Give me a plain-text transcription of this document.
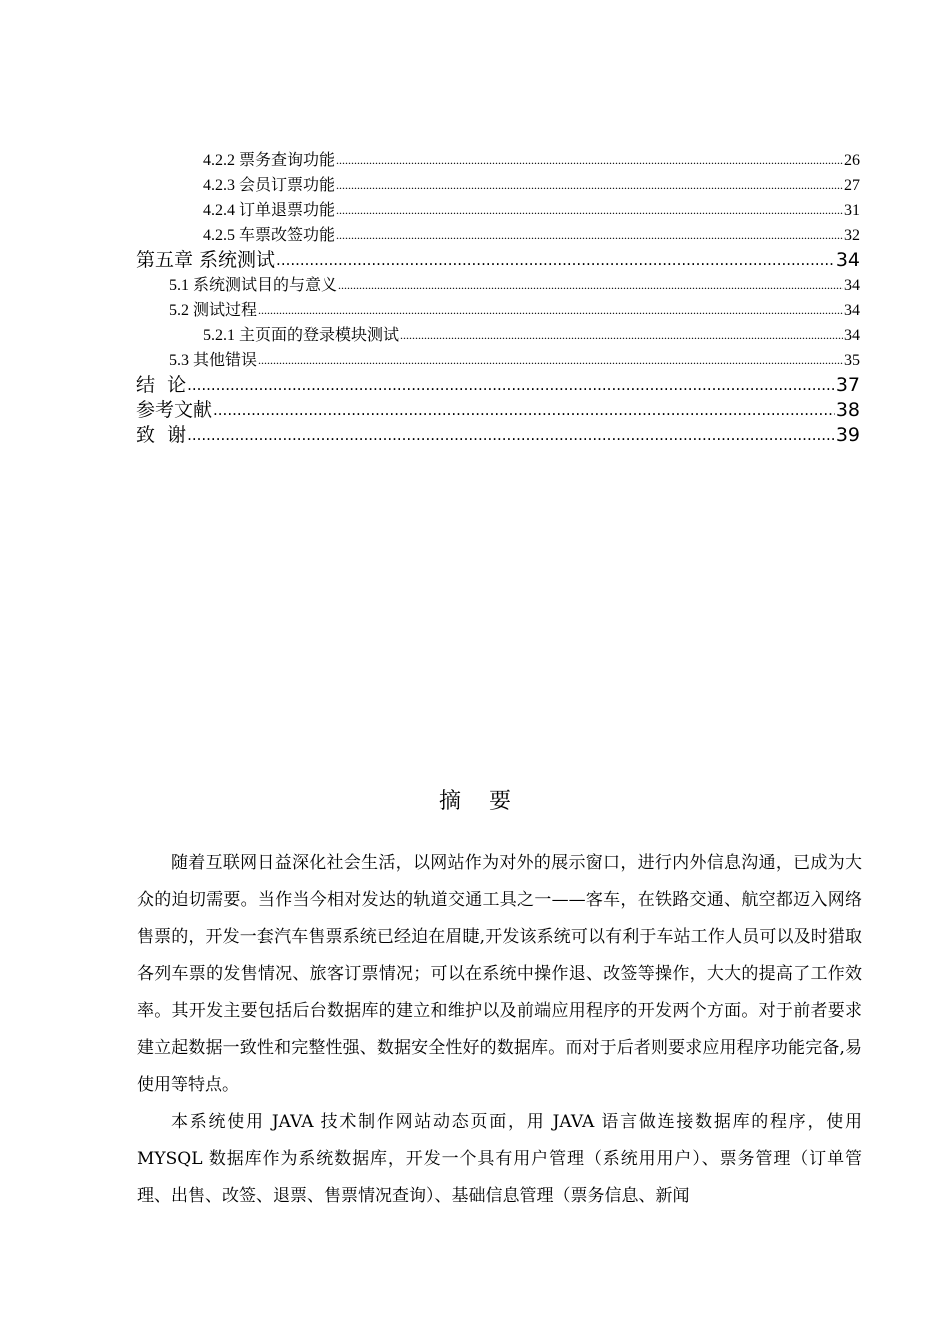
4.2.2 票务查询功能 .....	26
4.2.3 会员订票功能 .....	27
4.2.4 订单退票功能 .....	31
4.2.5 车票改签功能 .....	32
第五章 系统测试 .....	34
5.1 系统测试目的与意义 .....	34
5.2 测试过程 .....	34
5.2.1 主页面的登录模块测试 .....	34
5.3 其他错误 .....	35
结  论 .....	37
参考文献 .....	38
致  谢 .....	39
摘要

随着互联网日益深化社会生活，以网站作为对外的展示窗口，进行内外信息沟通，已成为大众的迫切需要。当作当今相对发达的轨道交通工具之一——客车，在铁路交通、航空都迈入网络售票的，开发一套汽车售票系统已经迫在眉睫,开发该系统可以有利于车站工作人员可以及时猎取各列车票的发售情况、旅客订票情况；可以在系统中操作退、改签等操作，大大的提高了工作效率。其开发主要包括后台数据库的建立和维护以及前端应用程序的开发两个方面。对于前者要求建立起数据一致性和完整性强、数据安全性好的数据库。而对于后者则要求应用程序功能完备,易使用等特点。

本系统使用 JAVA 技术制作网站动态页面，用 JAVA 语言做连接数据库的程序，使用 MYSQL 数据库作为系统数据库，开发一个具有用户管理（系统用用户）、票务管理（订单管理、出售、改签、退票、售票情况查询）、基础信息管理（票务信息、新闻
